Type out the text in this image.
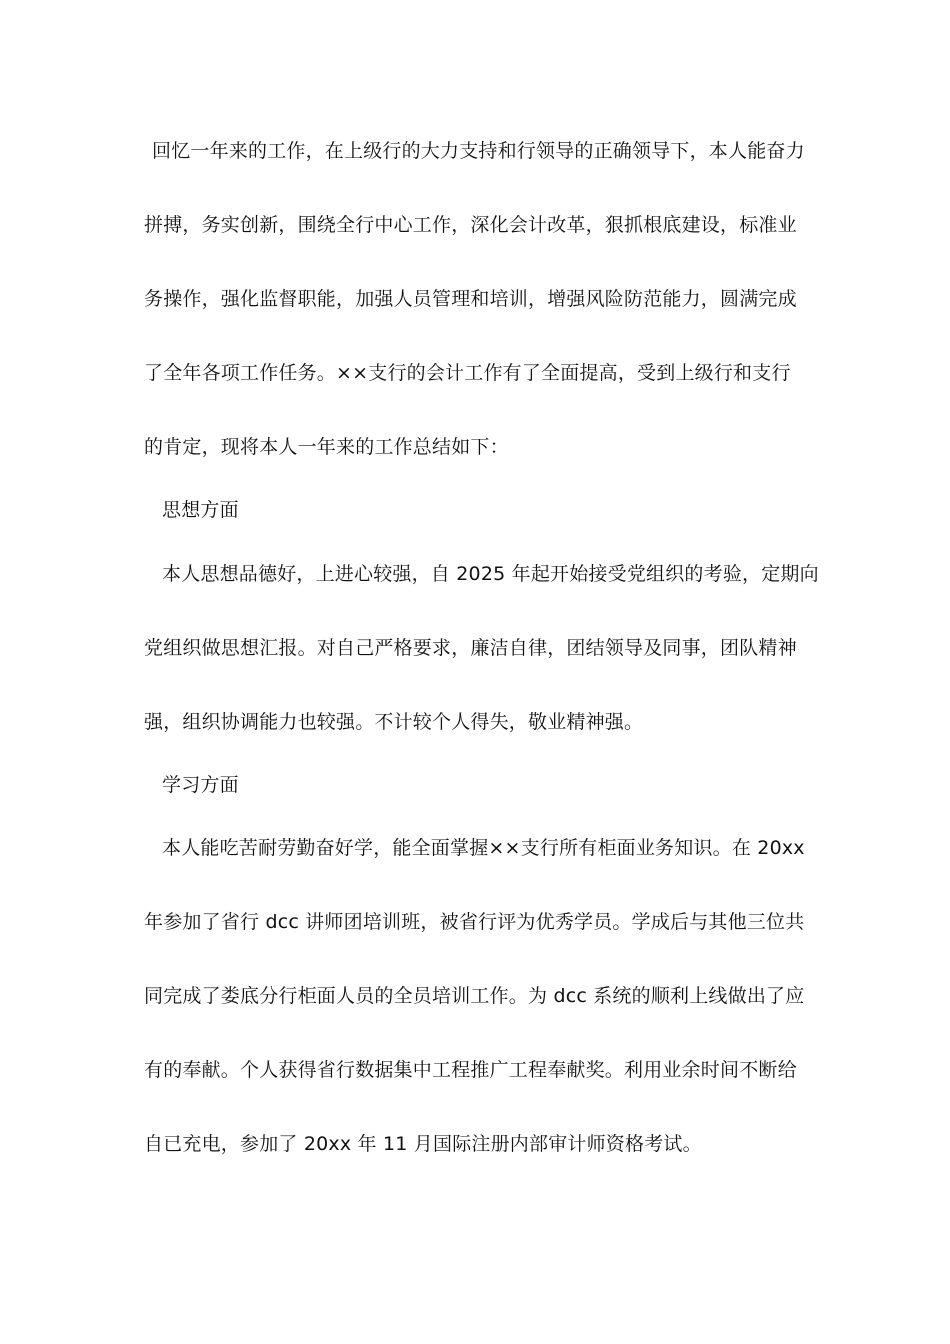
回忆一年来的工作，在上级行的大力支持和行领导的正确领导下，本人能奋力
拼搏，务实创新，围绕全行中心工作，深化会计改革，狠抓根底建设，标准业
务操作，强化监督职能，加强人员管理和培训，增强风险防范能力，圆满完成
了全年各项工作任务。××支行的会计工作有了全面提高，受到上级行和支行
的肯定，现将本人一年来的工作总结如下：
思想方面
本人思想品德好，上进心较强，自 2025 年起开始接受党组织的考验，定期向
党组织做思想汇报。对自己严格要求，廉洁自律，团结领导及同事，团队精神
强，组织协调能力也较强。不计较个人得失，敬业精神强。
学习方面
本人能吃苦耐劳勤奋好学，能全面掌握××支行所有柜面业务知识。在 20xx
年参加了省行 dcc 讲师团培训班，被省行评为优秀学员。学成后与其他三位共
同完成了娄底分行柜面人员的全员培训工作。为 dcc 系统的顺利上线做出了应
有的奉献。个人获得省行数据集中工程推广工程奉献奖。利用业余时间不断给
自已充电，参加了 20xx 年 11 月国际注册内部审计师资格考试。
